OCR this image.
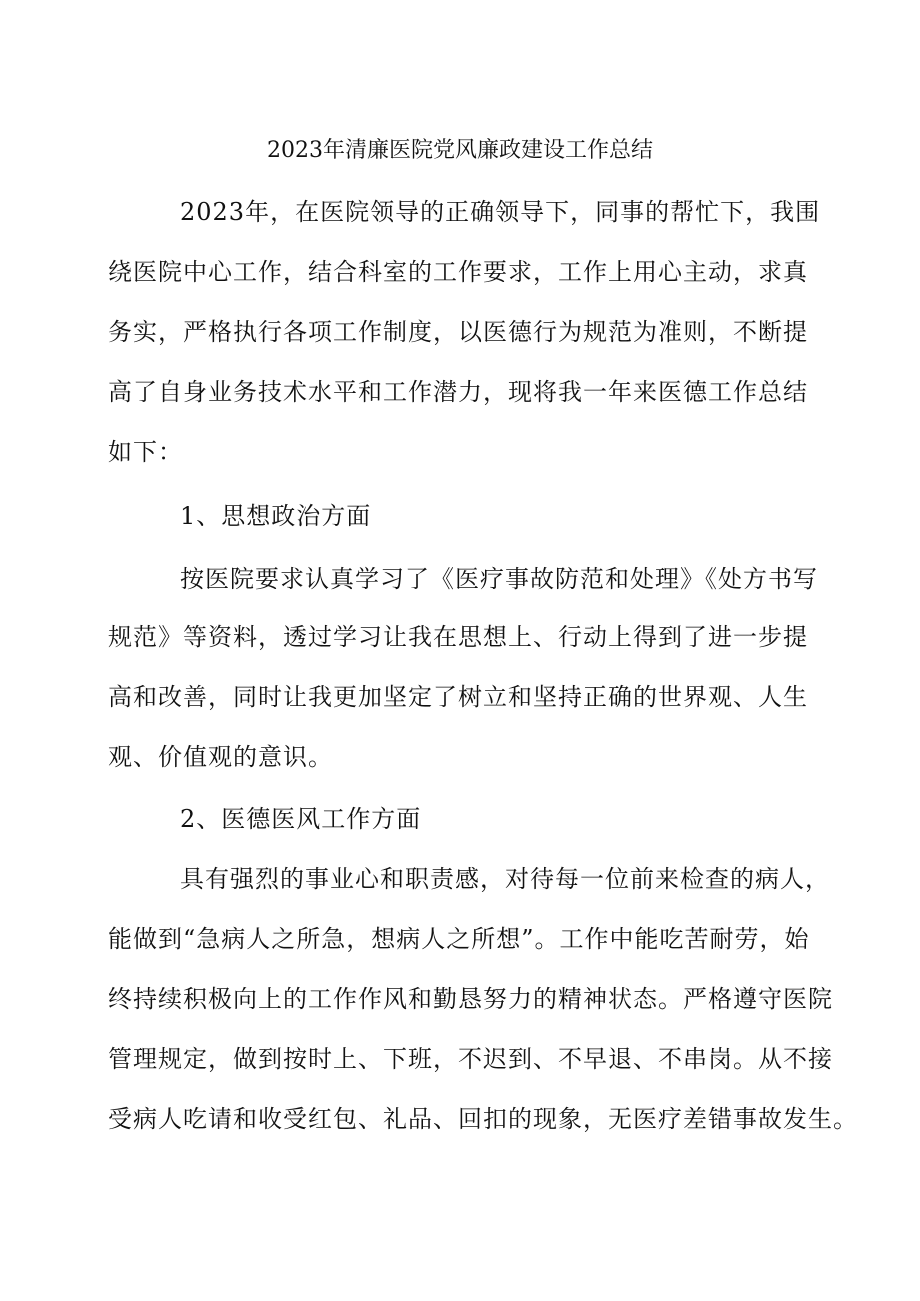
2023年清廉医院党风廉政建设工作总结

2023年，在医院领导的正确领导下，同事的帮忙下，我围

绕医院中心工作，结合科室的工作要求，工作上用心主动，求真

务实，严格执行各项工作制度，以医德行为规范为准则，不断提

高了自身业务技术水平和工作潜力，现将我一年来医德工作总结

如下：

1、思想政治方面

按医院要求认真学习了《医疗事故防范和处理》《处方书写

规范》等资料，透过学习让我在思想上、行动上得到了进一步提

高和改善，同时让我更加坚定了树立和坚持正确的世界观、人生

观、价值观的意识。

2、医德医风工作方面

具有强烈的事业心和职责感，对待每一位前来检查的病人，

能做到“急病人之所急，想病人之所想”。工作中能吃苦耐劳，始

终持续积极向上的工作作风和勤恳努力的精神状态。严格遵守医院

管理规定，做到按时上、下班，不迟到、不早退、不串岗。从不接

受病人吃请和收受红包、礼品、回扣的现象，无医疗差错事故发生。
